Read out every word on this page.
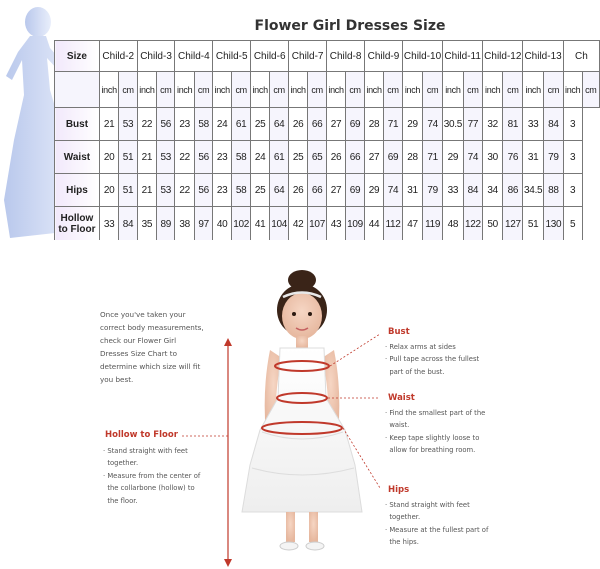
Flower Girl Dresses Size
Size	Child-2		Child-3		Child-4		Child-5		Child-6		Child-7		Child-8		Child-9		Child-10		Child-11		Child-12		Child-13		Ch	
	inch	cm	inch	cm	inch	cm	inch	cm	inch	cm	inch	cm	inch	cm	inch	cm	inch	cm	inch	cm	inch	cm	inch	cm	inch	cm
Bust	21	53	22	56	23	58	24	61	25	64	26	66	27	69	28	71	29	74	30.5	77	32	81	33	84	3	
Waist	20	51	21	53	22	56	23	58	24	61	25	65	26	66	27	69	28	71	29	74	30	76	31	79	3	
Hips	20	51	21	53	22	56	23	58	25	64	26	66	27	69	29	74	31	79	33	84	34	86	34.5	88	3	
Hollow to Floor	33	84	35	89	38	97	40	102	41	104	42	107	43	109	44	112	47	119	48	122	50	127	51	130	5	
Once you've taken your
correct body measurements,
check our Flower Girl
Dresses Size Chart to
determine which size will fit
you best.
Hollow to Floor
· Stand straight with feet
together.
· Measure from the center of
the collarbone (hollow) to
the floor.
Bust
· Relax arms at sides
· Pull tape across the fullest
part of the bust.
Waist
· Find the smallest part of the
waist.
· Keep tape slightly loose to
allow for breathing room.
Hips
· Stand straight with feet
together.
· Measure at the fullest part of
the hips.
